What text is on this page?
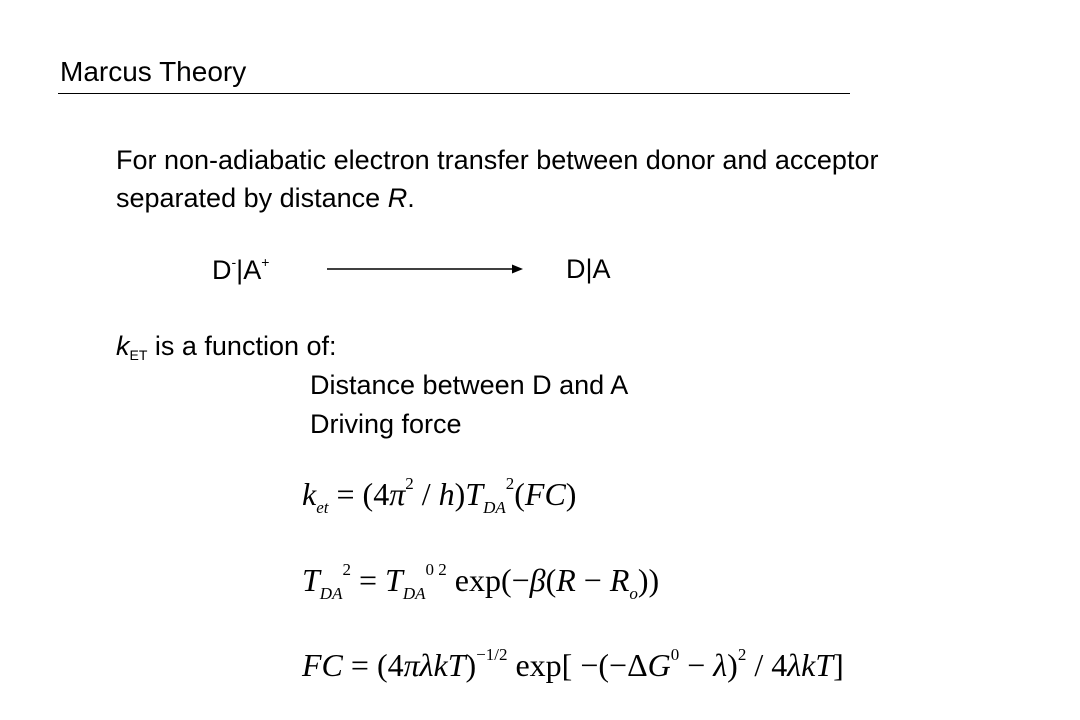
Marcus Theory
For non-adiabatic electron transfer between donor and acceptor
separated by distance R.
D-|A+	D|A
$k_{ET}$ is a function of:
Distance between D and A
Driving force
$k_{et} = (4\pi^2 / h)T_{DA}^2(FC)$
$T_{DA}^2 = T_{DA}^{0 2}$ $\exp(-\beta(R - R_o))$
FC = $(4\pi\lambda kT)^{-1/2}$ $\exp[ -(-\Delta G^0 - \lambda)^2 / 4\lambda kT]$
